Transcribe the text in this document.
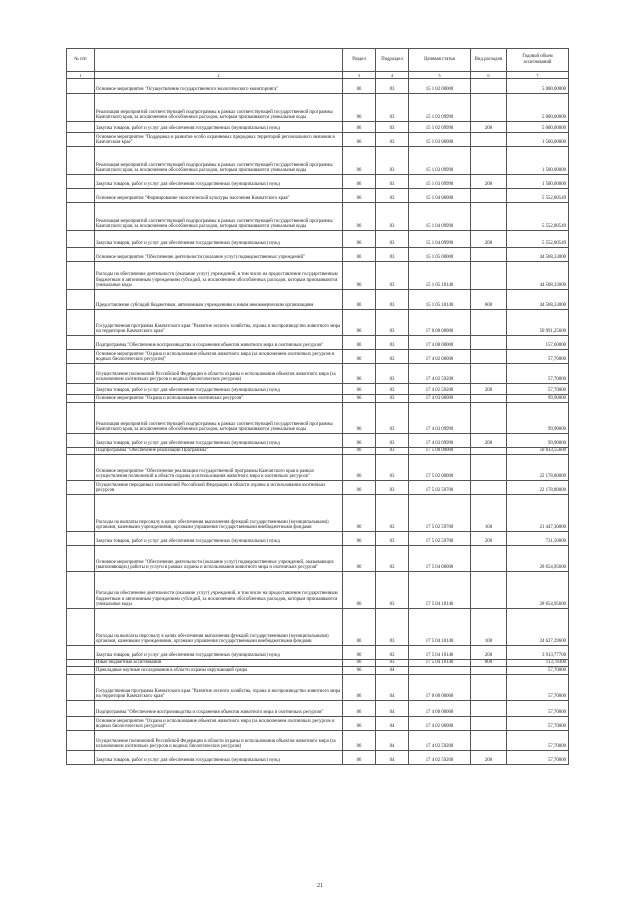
№ п/п		Раздел	Подраздел	Целевая статья	Вид расходов	Годовой объем ассигнований
1	2	3	4	5	6	7
	Основное мероприятие "Осуществление государственного экологического мониторинга"	06	03	15 1 02 00000		5 000,00000
	Реализация мероприятий соответствующей подпрограммы в рамках соответствующей государственной программы Камчатского края, за исключением обособленных расходов, которым присваиваются уникальные коды	06	03	15 1 02 09990		5 000,00000
	Закупка товаров, работ и услуг для обеспечения государственных (муниципальных) нужд	06	03	15 1 02 09990	200	5 000,00000
	Основное мероприятие "Поддержка и развитие особо охраняемых природных территорий регионального значения в Камчатском крае"	06	03	15 1 03 00000		1 500,00000
	Реализация мероприятий соответствующей подпрограммы в рамках соответствующей государственной программы Камчатского края, за исключением обособленных расходов, которым присваиваются уникальные коды	06	03	15 1 03 09990		1 500,00000
	Закупка товаров, работ и услуг для обеспечения государственных (муниципальных) нужд	06	03	15 1 03 09990	200	1 500,00000
	Основное мероприятие "Формирование экологической культуры населения Камчатского края"	06	03	15 1 04 00000		5 552,80549
	Реализация мероприятий соответствующей подпрограммы в рамках соответствующей государственной программы Камчатского края, за исключением обособленных расходов, которым присваиваются уникальные коды	06	03	15 1 04 09990		5 552,80549
	Закупка товаров, работ и услуг для обеспечения государственных (муниципальных) нужд	06	03	15 1 04 09990	200	5 552,80549
	Основное мероприятие "Обеспечение деятельности (оказание услуг) подведомственных учреждений"	06	03	15 1 05 00000		44 508,33000
	Расходы на обеспечение деятельности (оказание услуг) учреждений, в том числе на предоставление государственным бюджетным и автономным учреждениям субсидий, за исключением обособленных расходов, которым присваиваются уникальные коды	06	03	15 1 05 10140		44 508,33000
	Предоставление субсидий бюджетным, автономным учреждениям и иным некоммерческим организациям	06	03	15 1 05 10140	600	44 508,33000
	Государственная программа Камчатского края "Развитие лесного хозяйства, охрана и воспроизводство животного мира на территории Камчатского края"	06	03	17 0 00 00000		50 991,25600
	Подпрограмма "Обеспечение воспроизводства и сохранения объектов животного мира и охотничьих ресурсов"	06	03	17 4 00 00000		157,60000
	Основное мероприятие "Охрана и использование объектов животного мира (за исключением охотничьих ресурсов и водных биологических ресурсов)"	06	03	17 4 02 00000		57,70000
	Осуществление полномочий Российской Федерации в области охраны и использования объектов животного мира (за исключением охотничьих ресурсов и водных биологических ресурсов)	06	03	17 4 02 59200		57,70000
	Закупка товаров, работ и услуг для обеспечения государственных (муниципальных) нужд	06	03	17 4 02 59200	200	57,70000
	Основное мероприятие "Охрана и использование охотничьих ресурсов"	06	03	17 4 03 00000		99,90000
	Реализация мероприятий соответствующей подпрограммы в рамках соответствующей государственной программы Камчатского края, за исключением обособленных расходов, которым присваиваются уникальные коды	06	03	17 4 03 09990		99,90000
	Закупка товаров, работ и услуг для обеспечения государственных (муниципальных) нужд	06	03	17 4 03 09990	200	99,90000
	Подпрограмма "Обеспечение реализации Программы"	06	03	17 5 00 00000		50 833,55600
	Основное мероприятие "Обеспечение реализации государственной программы Камчатского края в рамках осуществления полномочий в области охраны и использования животного мира и охотничьих ресурсов"	06	03	17 5 02 00000		22 178,80000
	Осуществление переданных полномочий Российской Федерации в области охраны и использования охотничьих ресурсов	06	03	17 5 02 59700		22 178,80000
	Расходы на выплаты персоналу в целях обеспечения выполнения функций государственными (муниципальными) органами, казенными учреждениями, органами управления государственными внебюджетными фондами	06	03	17 5 02 59700	100	21 447,30000
	Закупка товаров, работ и услуг для обеспечения государственных (муниципальных) нужд	06	03	17 5 02 59700	200	731,50000
	Основное мероприятие "Обеспечение деятельности (оказание услуг) подведомственных учреждений, оказывающих (выполняющих) работы и услуги в рамках охраны и использования животного мира и охотничьих ресурсов"	06	03	17 5 04 00000		28 654,95600
	Расходы на обеспечение деятельности (оказание услуг) учреждений, в том числе на предоставление государственным бюджетным и автономным учреждениям субсидий, за исключением обособленных расходов, которым присваиваются уникальные коды	06	03	17 5 04 10140		28 654,95600
	Расходы на выплаты персоналу в целях обеспечения выполнения функций государственными (муниципальными) органами, казенными учреждениями, органами управления государственными внебюджетными фондами	06	03	17 5 04 10140	100	24 627,39600
	Закупка товаров, работ и услуг для обеспечения государственных (муниципальных) нужд	06	03	17 5 04 10140	200	3 913,77700
	Иные бюджетные ассигнования	06	03	17 5 04 10140	800	113,78300
	Прикладные научные исследования в области охраны окружающей среды	06	04			57,70000
	Государственная программа Камчатского края "Развитие лесного хозяйства, охрана и воспроизводство животного мира на территории Камчатского края"	06	04	17 0 00 00000		57,70000
	Подпрограмма "Обеспечение воспроизводства и сохранения объектов животного мира и охотничьих ресурсов"	06	04	17 4 00 00000		57,70000
	Основное мероприятие "Охрана и использование объектов животного мира (за исключением охотничьих ресурсов и водных биологических ресурсов)"	06	04	17 4 02 00000		57,70000
	Осуществление полномочий Российской Федерации в области охраны и использования объектов животного мира (за исключением охотничьих ресурсов и водных биологических ресурсов)	06	04	17 4 02 59200		57,70000
	Закупка товаров, работ и услуг для обеспечения государственных (муниципальных) нужд	06	04	17 4 02 59200	200	57,70000
21
